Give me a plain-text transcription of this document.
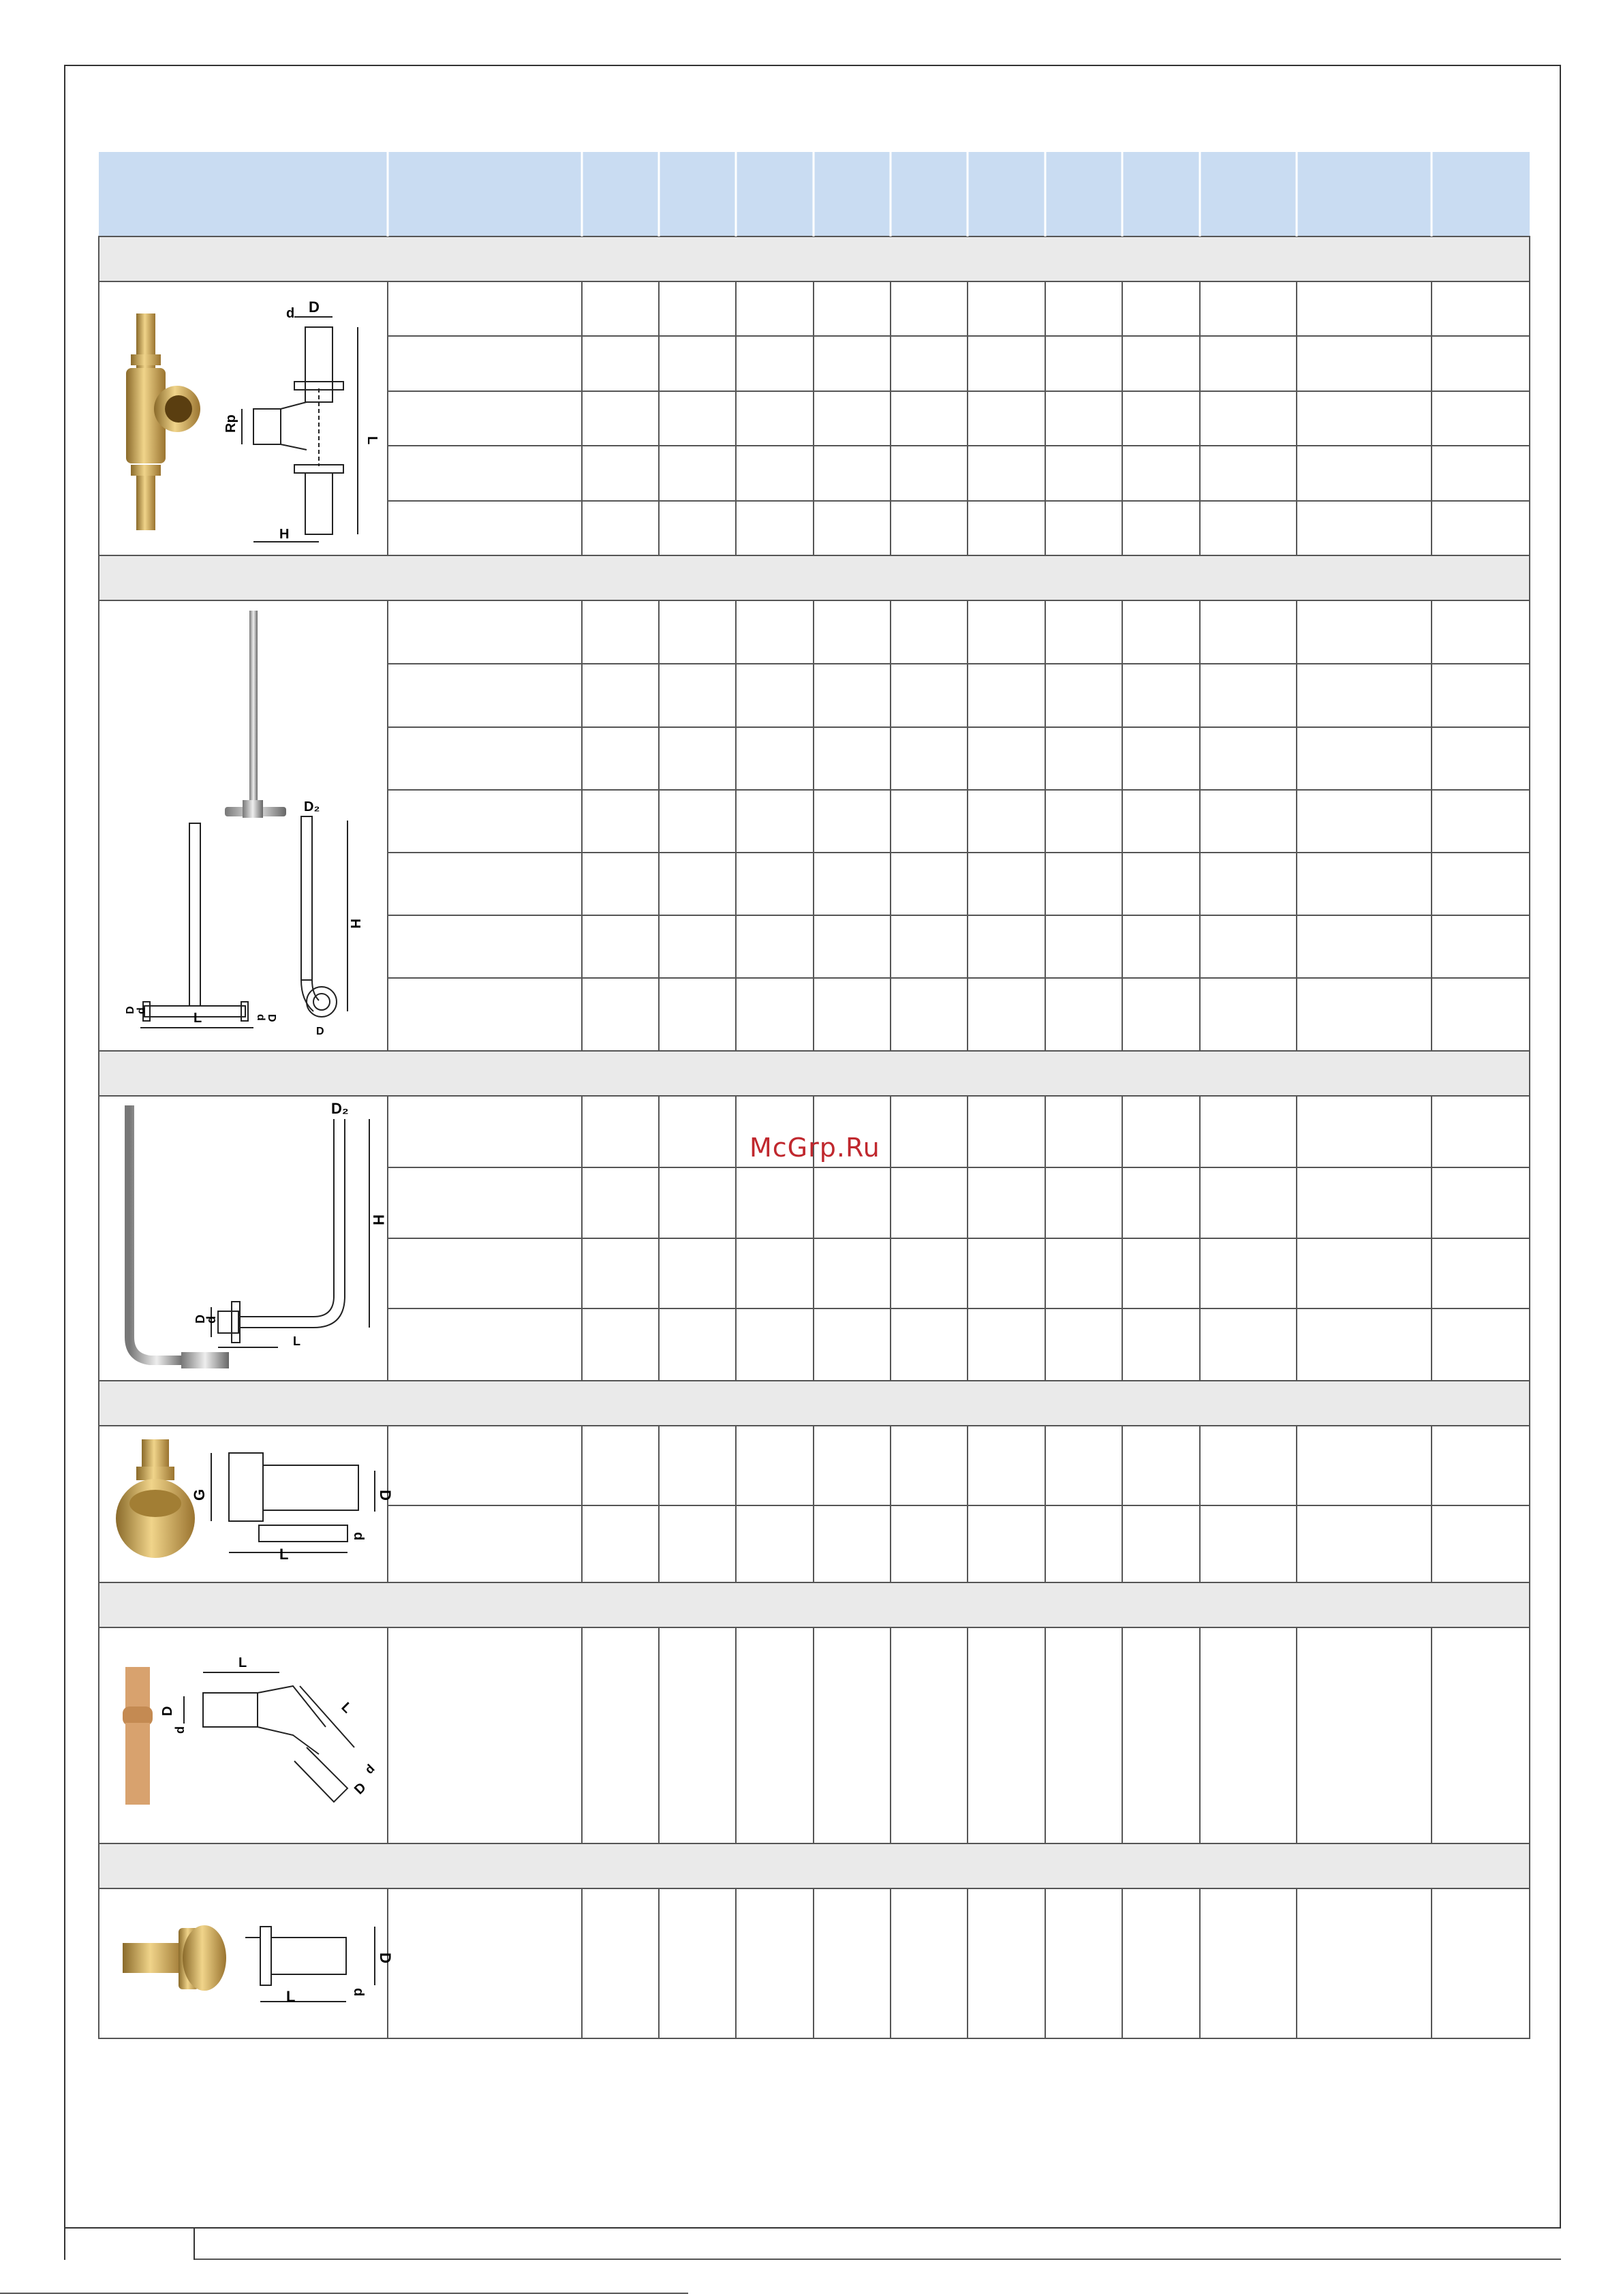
D
d
Rp
L
H
D₂
H
D d
d D
L
D
D₂
H
D
d
L
G	D
d
L
L
L
D
d
d
D
D
d
L
McGrp.Ru
